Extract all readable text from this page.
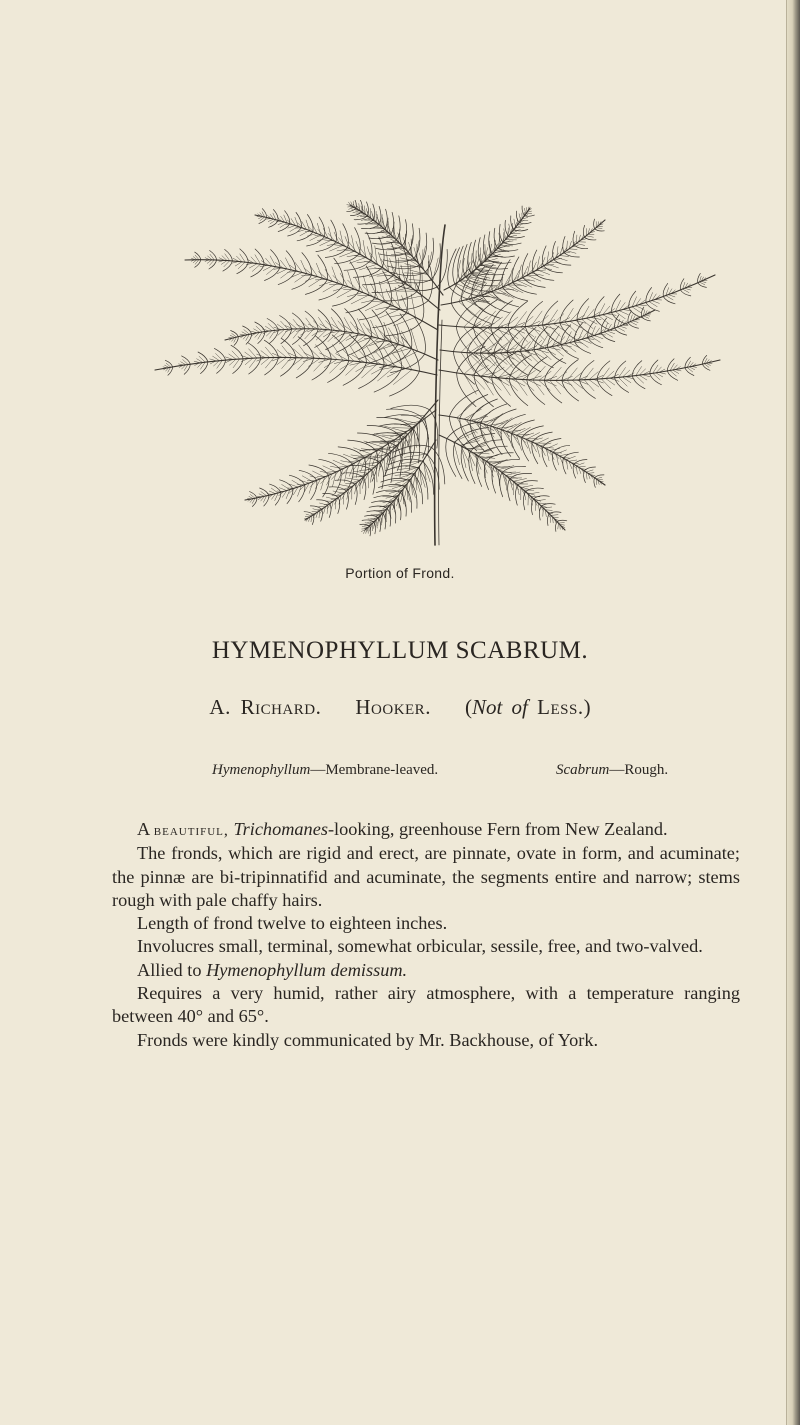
Portion of Frond.
HYMENOPHYLLUM SCABRUM.
A. Richard. Hooker. (Not of Less.)
Hymenophyllum—Membrane-leaved.	Scabrum—Rough.

A beautiful, Trichomanes-looking, greenhouse Fern from New Zealand.

The fronds, which are rigid and erect, are pinnate, ovate in form, and acuminate; the pinnæ are bi-tripinnatifid and acuminate, the segments entire and narrow; stems rough with pale chaffy hairs.

Length of frond twelve to eighteen inches.

Involucres small, terminal, somewhat orbicular, sessile, free, and two-valved.

Allied to Hymenophyllum demissum.

Requires a very humid, rather airy atmosphere, with a temperature ranging between 40° and 65°.

Fronds were kindly communicated by Mr. Backhouse, of York.
